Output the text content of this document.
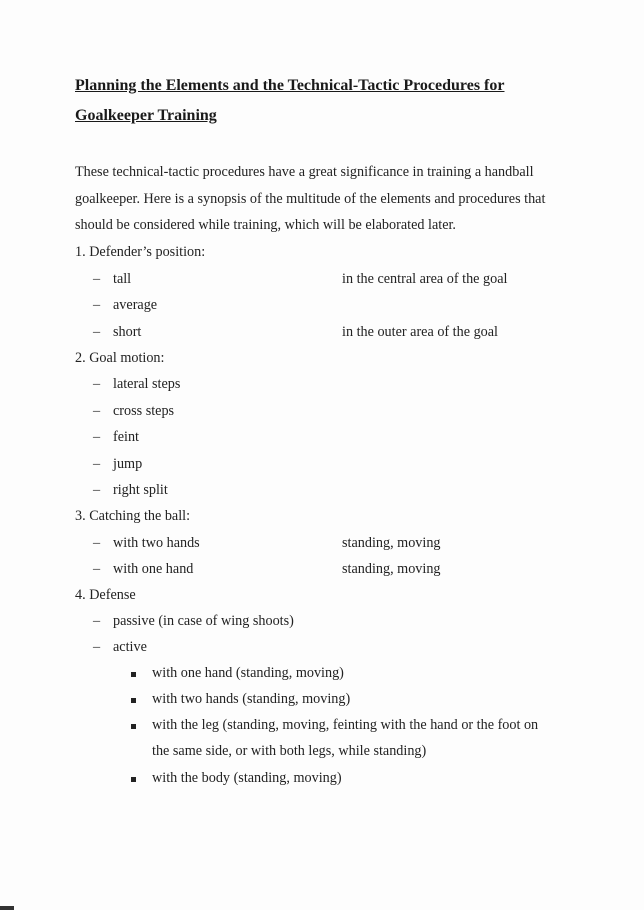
Planning the Elements and the Technical-Tactic Procedures for
Goalkeeper Training

These technical-tactic procedures have a great significance in training a handball

goalkeeper. Here is a synopsis of the multitude of the elements and procedures that

should be considered while training, which will be elaborated later.

1. Defender’s position:

– tall	in the central area of the goal

– average

– short	in the outer area of the goal

2. Goal motion:

– lateral steps

– cross steps

– feint

– jump

– right split

3. Catching the ball:

– with two hands	standing, moving

– with one hand	standing, moving

4. Defense

– passive (in case of wing shoots)

– active

with one hand (standing, moving)

with two hands (standing, moving)

with the leg (standing, moving, feinting with the hand or the foot on

the same side, or with both legs, while standing)

with the body (standing, moving)
